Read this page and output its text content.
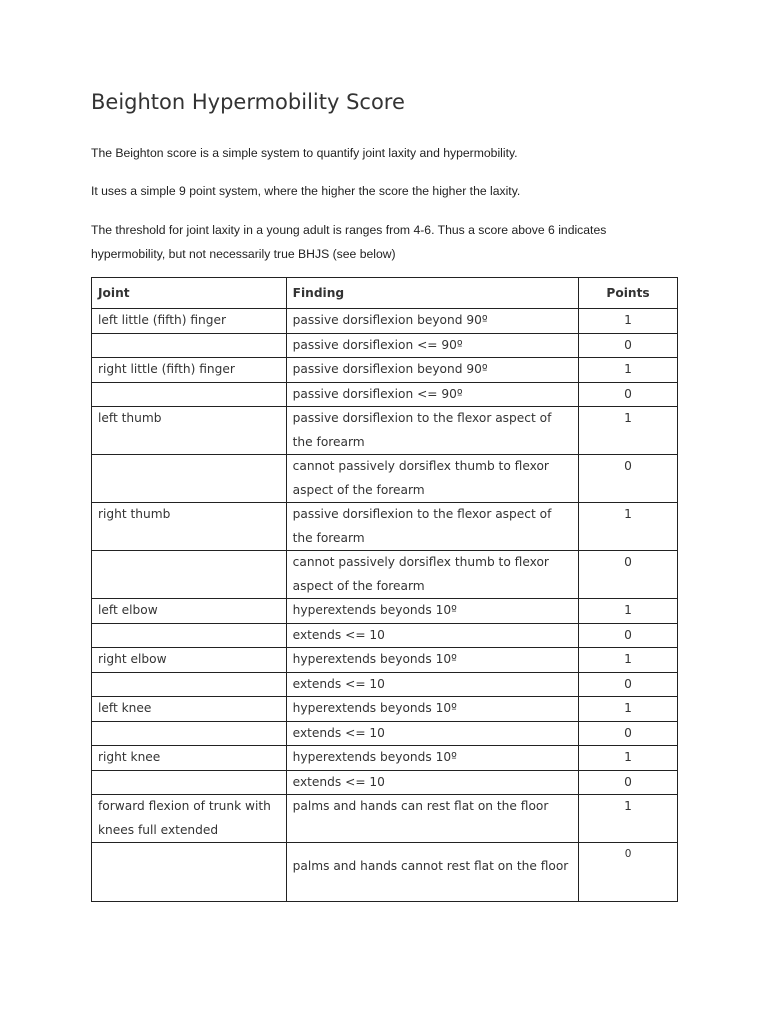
Beighton Hypermobility Score

The Beighton score is a simple system to quantify joint laxity and hypermobility.

It uses a simple 9 point system, where the higher the score the higher the laxity.

The threshold for joint laxity in a young adult is ranges from 4-6. Thus a score above 6 indicates hypermobility, but not necessarily true BHJS (see below)

Joint	Finding	Points
left little (fifth) finger	passive dorsiflexion beyond 90º	1
	passive dorsiflexion <= 90º	0
right little (fifth) finger	passive dorsiflexion beyond 90º	1
	passive dorsiflexion <= 90º	0
left thumb	passive dorsiflexion to the flexor aspect of the forearm	1
	cannot passively dorsiflex thumb to flexor aspect of the forearm	0
right thumb	passive dorsiflexion to the flexor aspect of the forearm	1
	cannot passively dorsiflex thumb to flexor aspect of the forearm	0
left elbow	hyperextends beyonds 10º	1
	extends <= 10	0
right elbow	hyperextends beyonds 10º	1
	extends <= 10	0
left knee	hyperextends beyonds 10º	1
	extends <= 10	0
right knee	hyperextends beyonds 10º	1
	extends <= 10	0
forward flexion of trunk with knees full extended	palms and hands can rest flat on the floor	1
	palms and hands cannot rest flat on the floor	0
